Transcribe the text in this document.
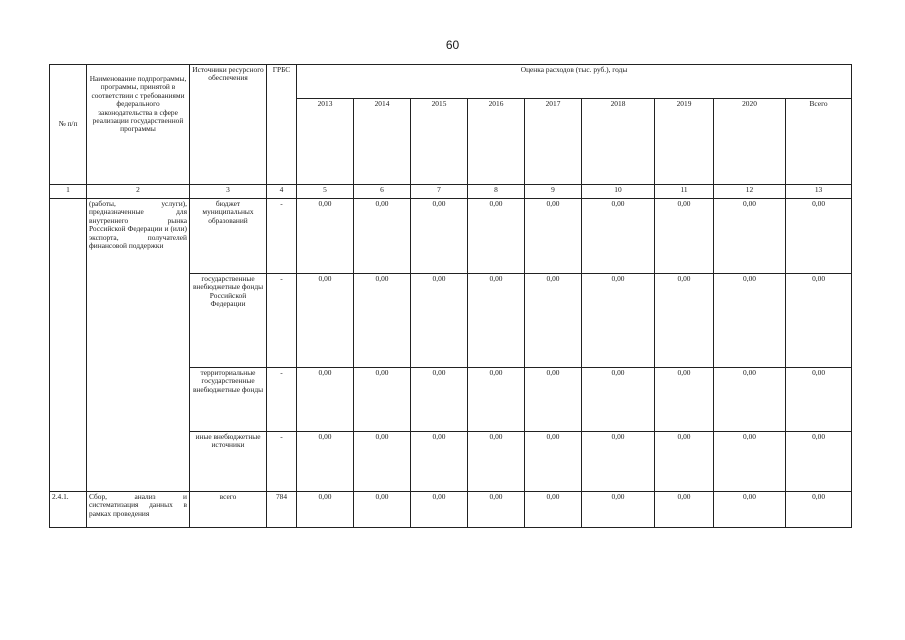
60
№ п/п	Наименование подпрограммы, программы, принятой в соответствии с требованиями федерального законодательства в сфере реализации государственной программы	Источники ресурсного обеспечения	ГРБС	Оценка расходов (тыс. руб.), годы								
				2013	2014	2015	2016	2017	2018	2019	2020	Всего
1	2	3	4	5	6	7	8	9	10	11	12	13
	(работы, услуги), предназначенные для внутреннего рынка Российской Федерации и (или) экспорта, получателей финансовой поддержки	бюджет муниципальных образований	-	0,00	0,00	0,00	0,00	0,00	0,00	0,00	0,00	0,00
		государственные внебюджетные фонды Российской Федерации	-	0,00	0,00	0,00	0,00	0,00	0,00	0,00	0,00	0,00
		территориальные государственные внебюджетные фонды	-	0,00	0,00	0,00	0,00	0,00	0,00	0,00	0,00	0,00
		иные внебюджетные источники	-	0,00	0,00	0,00	0,00	0,00	0,00	0,00	0,00	0,00
2.4.1.	Сбор, анализ и систематизация данных в рамках проведения	всего	784	0,00	0,00	0,00	0,00	0,00	0,00	0,00	0,00	0,00
